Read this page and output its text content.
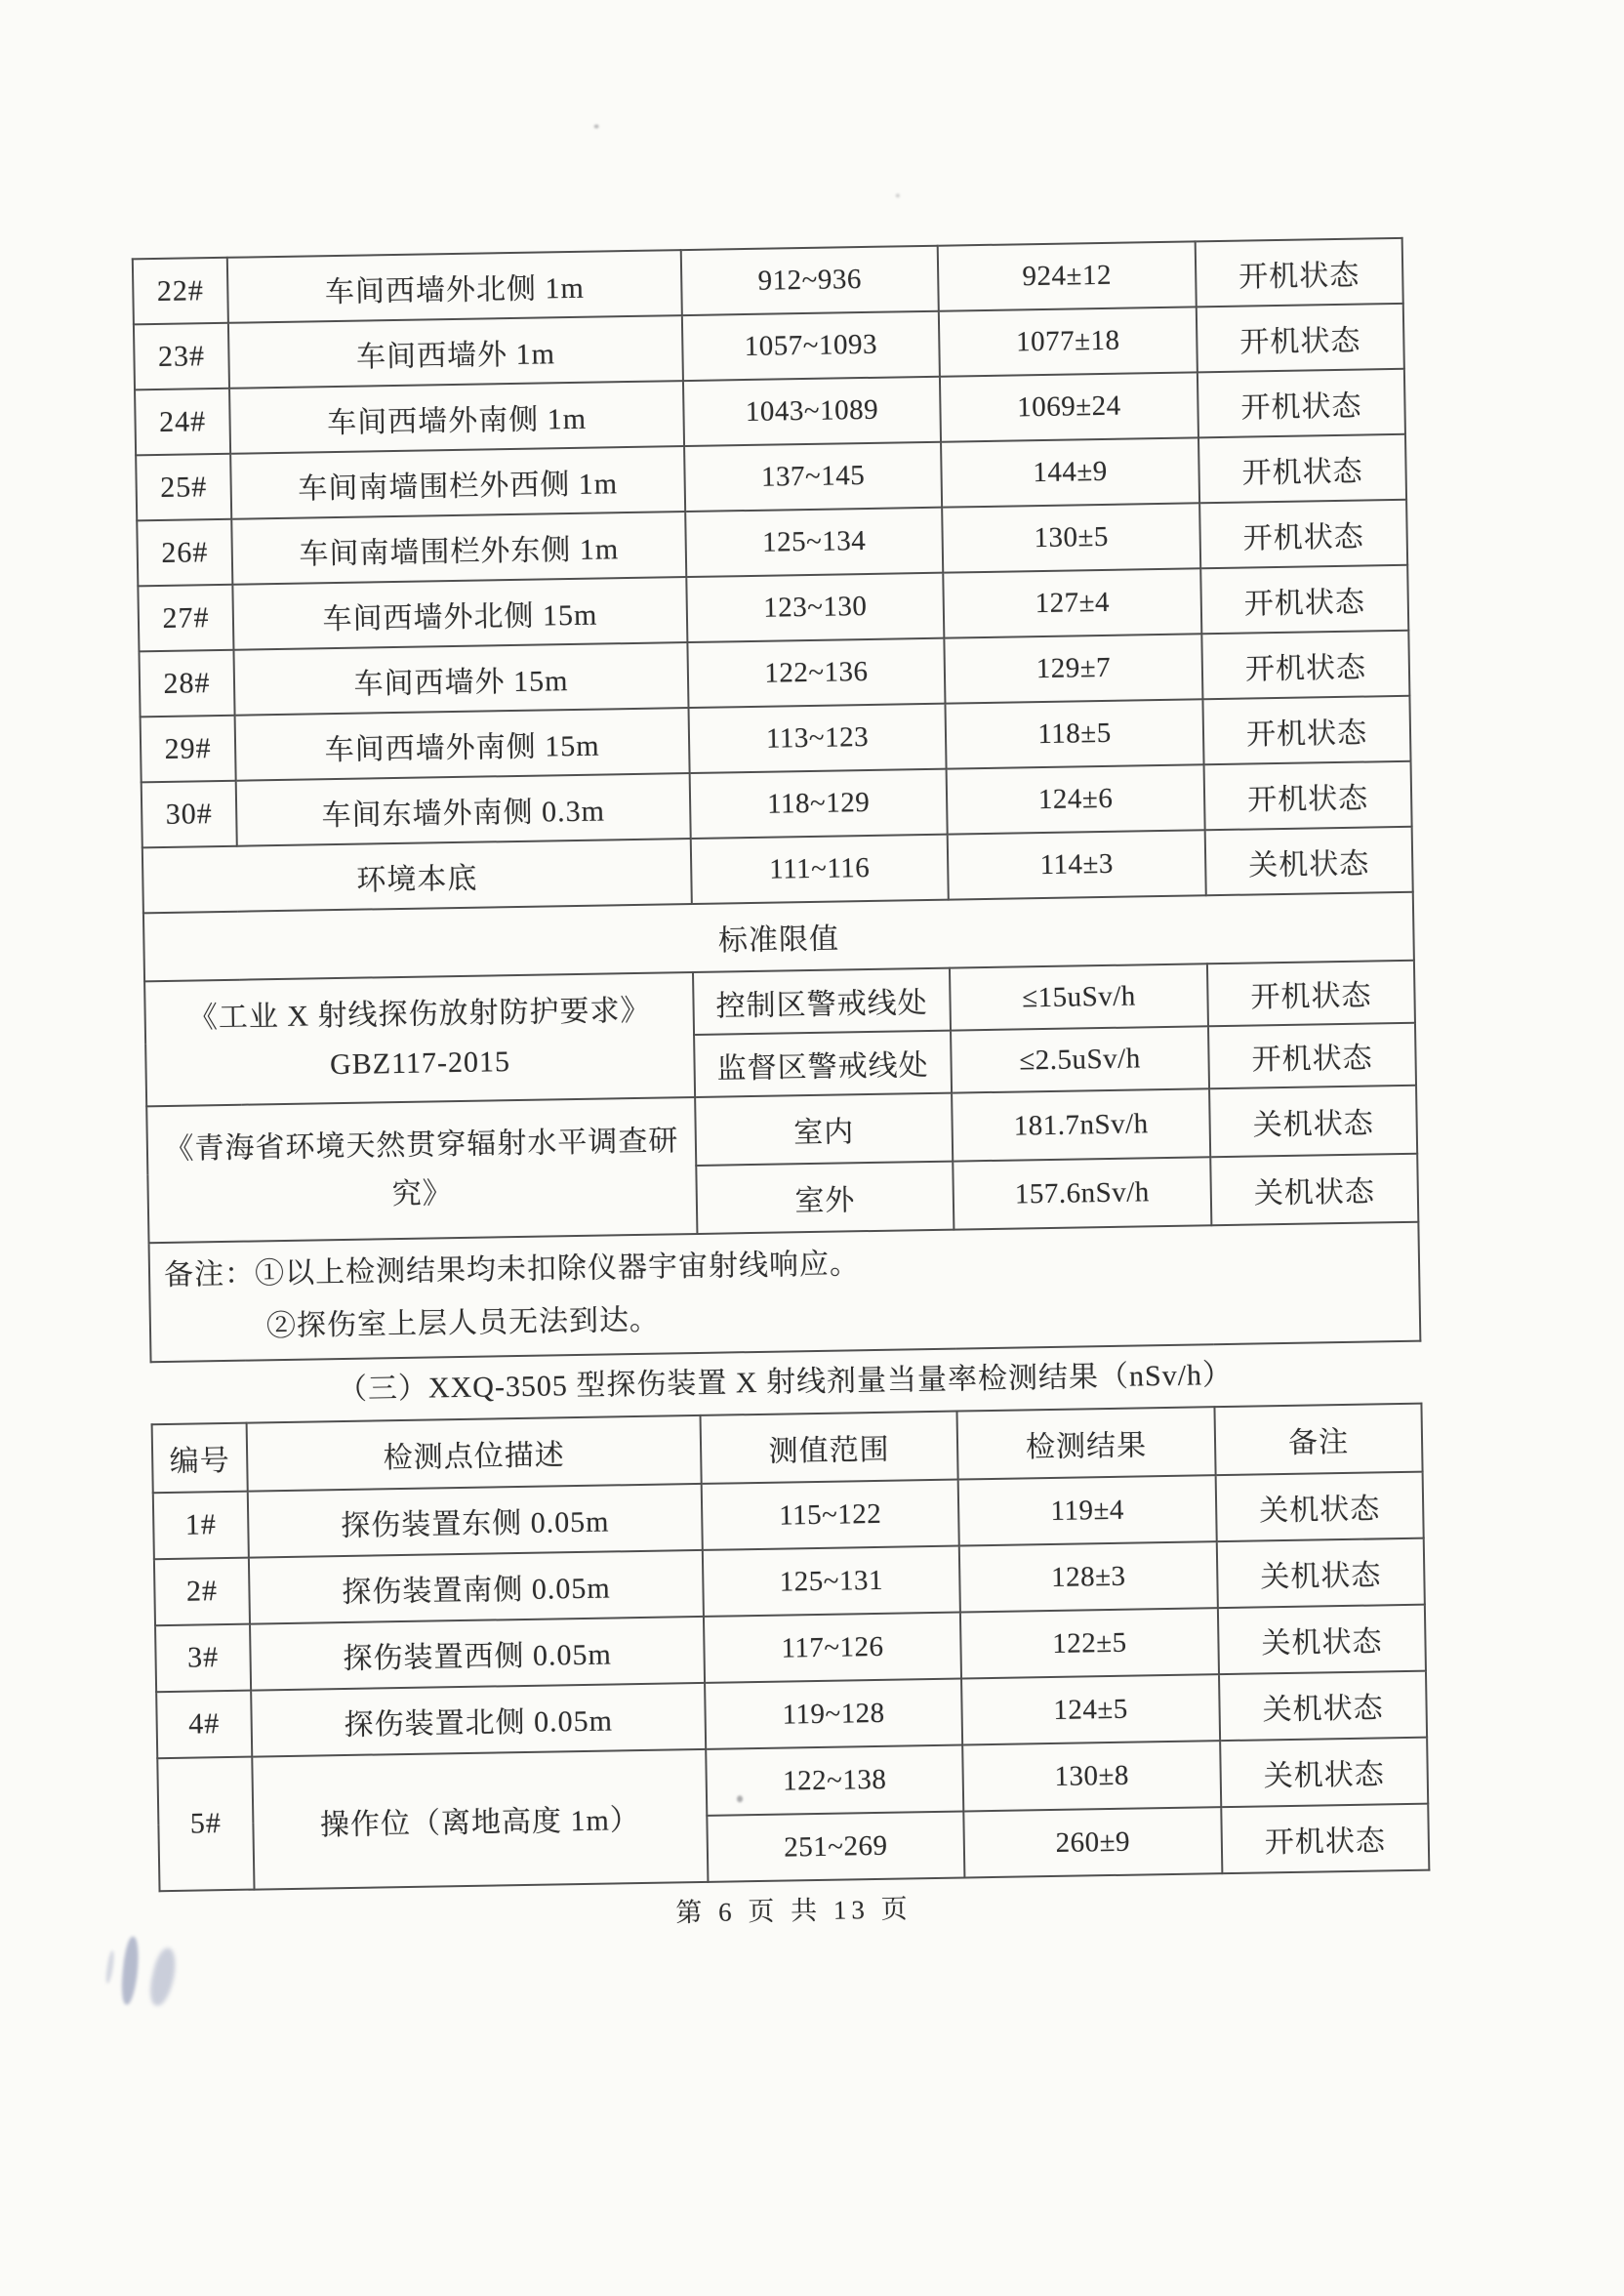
22#	车间西墙外北侧 1m	912~936	924±12	开机状态
23#	车间西墙外 1m	1057~1093	1077±18	开机状态
24#	车间西墙外南侧 1m	1043~1089	1069±24	开机状态
25#	车间南墙围栏外西侧 1m	137~145	144±9	开机状态
26#	车间南墙围栏外东侧 1m	125~134	130±5	开机状态
27#	车间西墙外北侧 15m	123~130	127±4	开机状态
28#	车间西墙外 15m	122~136	129±7	开机状态
29#	车间西墙外南侧 15m	113~123	118±5	开机状态
30#	车间东墙外南侧 0.3m	118~129	124±6	开机状态
环境本底		111~116	114±3	关机状态
标准限值				

《工业 X 射线探伤放射防护要求》
GBZ117-2015		控制区警戒线处	≤15uSv/h	开机状态
		监督区警戒线处	≤2.5uSv/h	开机状态

《青海省环境天然贯穿辐射水平调查研究》		室内	181.7nSv/h	关机状态
		室外	157.6nSv/h	关机状态

备注：①以上检测结果均未扣除仪器宇宙射线响应。
②探伤室上层人员无法到达。				
（三）XXQ-3505 型探伤装置 X 射线剂量当量率检测结果（nSv/h）
编号	检测点位描述	测值范围	检测结果	备注
1#	探伤装置东侧 0.05m	115~122	119±4	关机状态
2#	探伤装置南侧 0.05m	125~131	128±3	关机状态
3#	探伤装置西侧 0.05m	117~126	122±5	关机状态
4#	探伤装置北侧 0.05m	119~128	124±5	关机状态
5#	操作位（离地高度 1m）	122~138	130±8	关机状态
		251~269	260±9	开机状态
第 6 页 共 13 页
